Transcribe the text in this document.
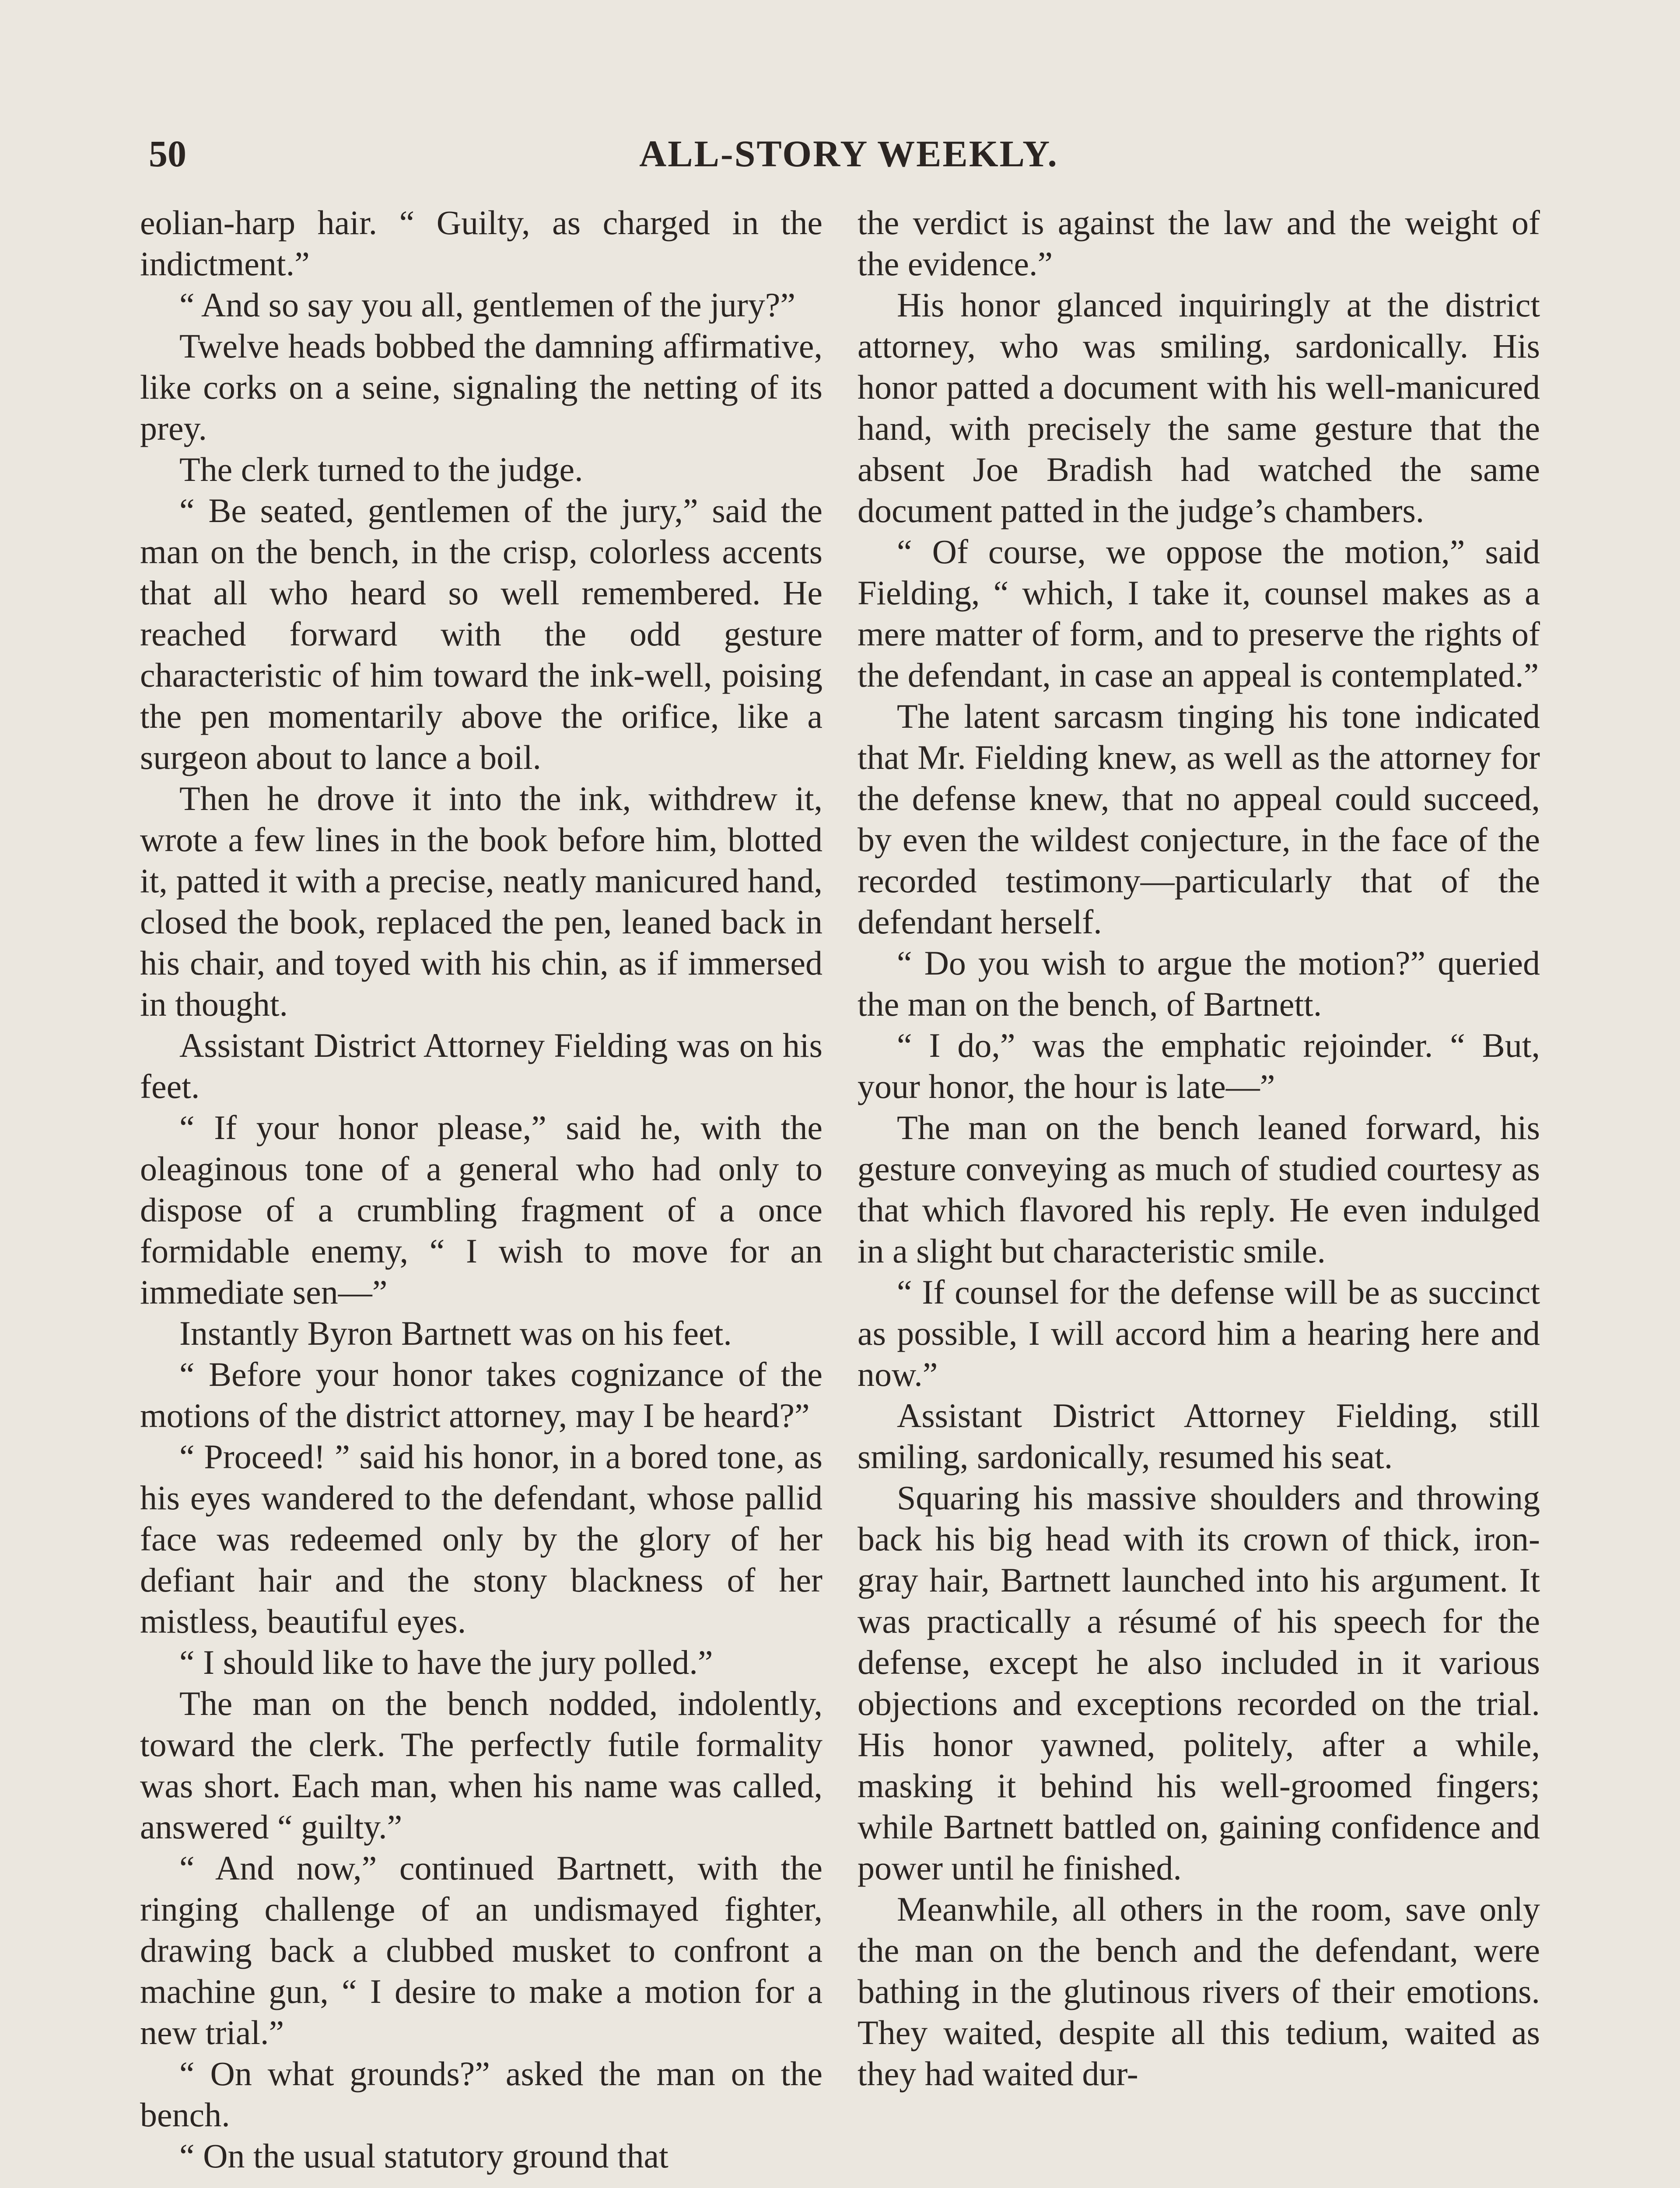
50	ALL-STORY WEEKLY.

eolian-harp hair. “ Guilty, as charged in the indictment.”

“ And so say you all, gentlemen of the jury?”

Twelve heads bobbed the damning affirmative, like corks on a seine, signaling the netting of its prey.

The clerk turned to the judge.

“ Be seated, gentlemen of the jury,” said the man on the bench, in the crisp, colorless accents that all who heard so well remembered. He reached forward with the odd gesture characteristic of him toward the ink-well, poising the pen momentarily above the orifice, like a surgeon about to lance a boil.

Then he drove it into the ink, withdrew it, wrote a few lines in the book before him, blotted it, patted it with a precise, neatly manicured hand, closed the book, replaced the pen, leaned back in his chair, and toyed with his chin, as if immersed in thought.

Assistant District Attorney Fielding was on his feet.

“ If your honor please,” said he, with the oleaginous tone of a general who had only to dispose of a crumbling fragment of a once formidable enemy, “ I wish to move for an immediate sen—”

Instantly Byron Bartnett was on his feet.

“ Before your honor takes cognizance of the motions of the district attorney, may I be heard?”

“ Proceed! ” said his honor, in a bored tone, as his eyes wandered to the defendant, whose pallid face was redeemed only by the glory of her defiant hair and the stony blackness of her mistless, beautiful eyes.

“ I should like to have the jury polled.”

The man on the bench nodded, indolently, toward the clerk. The perfectly futile formality was short. Each man, when his name was called, answered “ guilty.”

“ And now,” continued Bartnett, with the ringing challenge of an undismayed fighter, drawing back a clubbed musket to confront a machine gun, “ I desire to make a motion for a new trial.”

“ On what grounds?” asked the man on the bench.

“ On the usual statutory ground that

the verdict is against the law and the weight of the evidence.”

His honor glanced inquiringly at the district attorney, who was smiling, sardonically. His honor patted a document with his well-manicured hand, with precisely the same gesture that the absent Joe Bradish had watched the same document patted in the judge’s chambers.

“ Of course, we oppose the motion,” said Fielding, “ which, I take it, counsel makes as a mere matter of form, and to preserve the rights of the defendant, in case an appeal is contemplated.”

The latent sarcasm tinging his tone indicated that Mr. Fielding knew, as well as the attorney for the defense knew, that no appeal could succeed, by even the wildest conjecture, in the face of the recorded testimony—particularly that of the defendant herself.

“ Do you wish to argue the motion?” queried the man on the bench, of Bartnett.

“ I do,” was the emphatic rejoinder. “ But, your honor, the hour is late—”

The man on the bench leaned forward, his gesture conveying as much of studied courtesy as that which flavored his reply. He even indulged in a slight but characteristic smile.

“ If counsel for the defense will be as succinct as possible, I will accord him a hearing here and now.”

Assistant District Attorney Fielding, still smiling, sardonically, resumed his seat.

Squaring his massive shoulders and throwing back his big head with its crown of thick, iron-gray hair, Bartnett launched into his argument. It was practically a résumé of his speech for the defense, except he also included in it various objections and exceptions recorded on the trial. His honor yawned, politely, after a while, masking it behind his well-groomed fingers; while Bartnett battled on, gaining confidence and power until he finished.

Meanwhile, all others in the room, save only the man on the bench and the defendant, were bathing in the glutinous rivers of their emotions. They waited, despite all this tedium, waited as they had waited dur-
